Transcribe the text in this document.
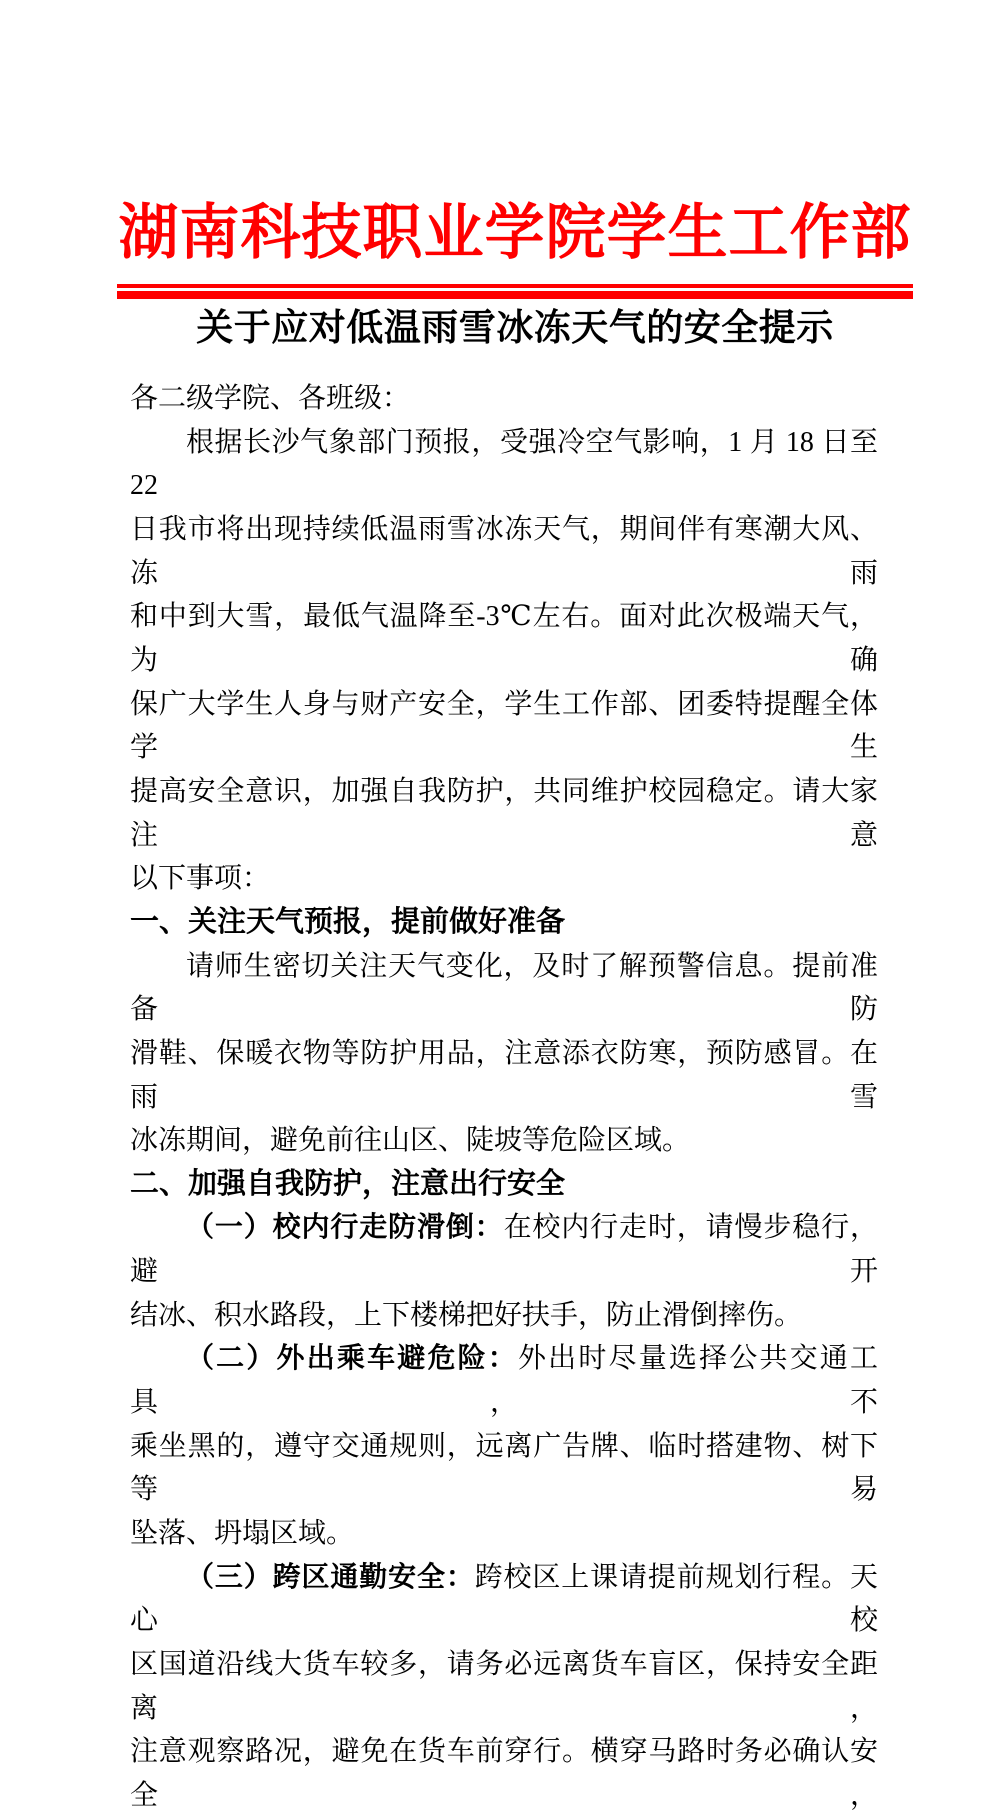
湖南科技职业学院学生工作部
关于应对低温雨雪冰冻天气的安全提示
各二级学院、各班级：
根据长沙气象部门预报，受强冷空气影响，1 月 18 日至 22
日我市将出现持续低温雨雪冰冻天气，期间伴有寒潮大风、冻雨
和中到大雪，最低气温降至-3℃左右。面对此次极端天气，为确
保广大学生人身与财产安全，学生工作部、团委特提醒全体学生
提高安全意识，加强自我防护，共同维护校园稳定。请大家注意
以下事项：
一、关注天气预报，提前做好准备
请师生密切关注天气变化，及时了解预警信息。提前准备防
滑鞋、保暖衣物等防护用品，注意添衣防寒，预防感冒。在雨雪
冰冻期间，避免前往山区、陡坡等危险区域。
二、加强自我防护，注意出行安全
（一）校内行走防滑倒：在校内行走时，请慢步稳行，避开
结冰、积水路段，上下楼梯把好扶手，防止滑倒摔伤。
（二）外出乘车避危险：外出时尽量选择公共交通工具，不
乘坐黑的，遵守交通规则，远离广告牌、临时搭建物、树下等易
坠落、坍塌区域。
（三）跨区通勤安全：跨校区上课请提前规划行程。天心校
区国道沿线大货车较多，请务必远离货车盲区，保持安全距离，
注意观察路况，避免在货车前穿行。横穿马路时务必确认安全，
